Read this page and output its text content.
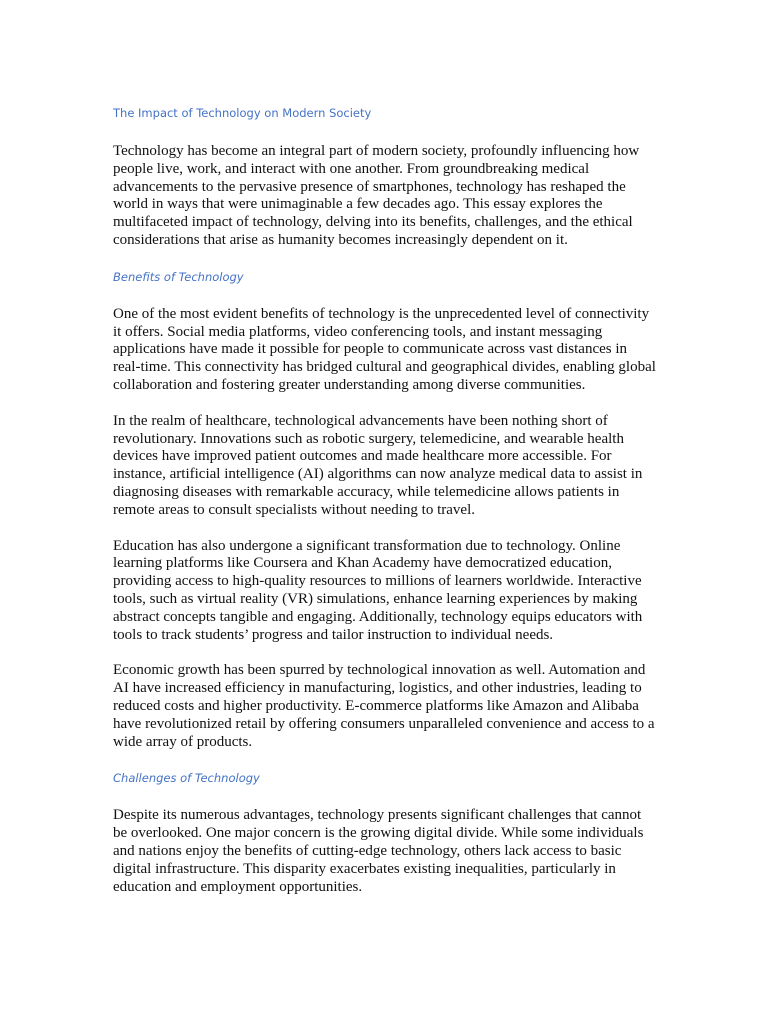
The Impact of Technology on Modern Society

Technology has become an integral part of modern society, profoundly influencing how people live, work, and interact with one another. From groundbreaking medical advancements to the pervasive presence of smartphones, technology has reshaped the world in ways that were unimaginable a few decades ago. This essay explores the multifaceted impact of technology, delving into its benefits, challenges, and the ethical considerations that arise as humanity becomes increasingly dependent on it.

Benefits of Technology

One of the most evident benefits of technology is the unprecedented level of connectivity it offers. Social media platforms, video conferencing tools, and instant messaging applications have made it possible for people to communicate across vast distances in real-time. This connectivity has bridged cultural and geographical divides, enabling global collaboration and fostering greater understanding among diverse communities.

In the realm of healthcare, technological advancements have been nothing short of revolutionary. Innovations such as robotic surgery, telemedicine, and wearable health devices have improved patient outcomes and made healthcare more accessible. For instance, artificial intelligence (AI) algorithms can now analyze medical data to assist in diagnosing diseases with remarkable accuracy, while telemedicine allows patients in remote areas to consult specialists without needing to travel.

Education has also undergone a significant transformation due to technology. Online learning platforms like Coursera and Khan Academy have democratized education, providing access to high-quality resources to millions of learners worldwide. Interactive tools, such as virtual reality (VR) simulations, enhance learning experiences by making abstract concepts tangible and engaging. Additionally, technology equips educators with tools to track students’ progress and tailor instruction to individual needs.

Economic growth has been spurred by technological innovation as well. Automation and AI have increased efficiency in manufacturing, logistics, and other industries, leading to reduced costs and higher productivity. E-commerce platforms like Amazon and Alibaba have revolutionized retail by offering consumers unparalleled convenience and access to a wide array of products.

Challenges of Technology

Despite its numerous advantages, technology presents significant challenges that cannot be overlooked. One major concern is the growing digital divide. While some individuals and nations enjoy the benefits of cutting-edge technology, others lack access to basic digital infrastructure. This disparity exacerbates existing inequalities, particularly in education and employment opportunities.
